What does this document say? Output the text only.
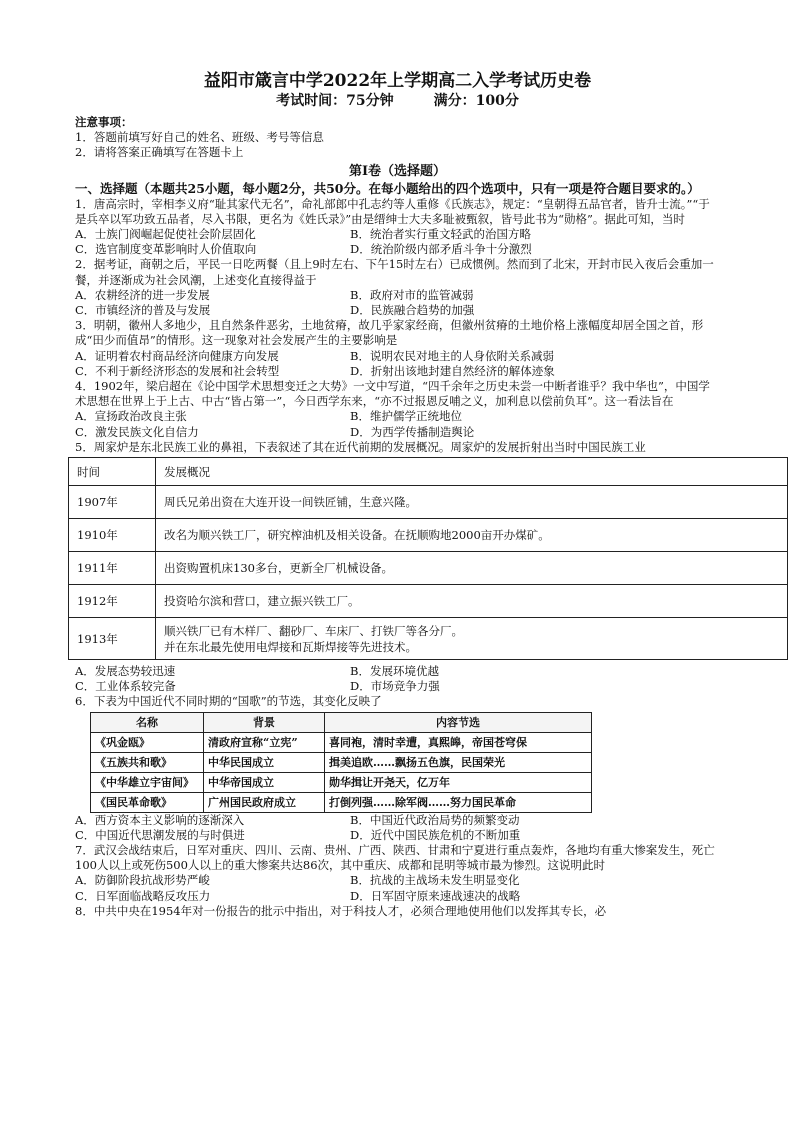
益阳市箴言中学2022年上学期高二入学考试历史卷

考试时间：75分钟	满分：100分

注意事项：

1．答题前填写好自己的姓名、班级、考号等信息

2．请将答案正确填写在答题卡上

第Ⅰ卷（选择题）

一、选择题（本题共25小题，每小题2分，共50分。在每小题给出的四个选项中，只有一项是符合题目要求的。）

1．唐高宗时，宰相李义府“耻其家代无名”，命礼部郎中孔志约等人重修《氏族志》，规定：“皇朝得五品官者，皆升士流。”“于是兵卒以军功致五品者，尽入书限，更名为《姓氏录》”由是缙绅士大夫多耻被甄叙，皆号此书为“勋格”。据此可知，当时

A．士族门阀崛起促使社会阶层固化	B．统治者实行重文轻武的治国方略
C．选官制度变革影响时人价值取向	D．统治阶级内部矛盾斗争十分激烈

2．据考证，商朝之后，平民一日吃两餐（且上9时左右、下午15时左右）已成惯例。然而到了北宋，开封市民入夜后会重加一餐，并逐渐成为社会风潮，上述变化直接得益于

A．农耕经济的进一步发展	B．政府对市的监管减弱
C．市镇经济的普及与发展	D．民族融合趋势的加强

3．明朝，徽州人多地少，且自然条件恶劣，土地贫瘠，故几乎家家经商，但徽州贫瘠的土地价格上涨幅度却居全国之首，形成“田少而值昂”的情形。这一现象对社会发展产生的主要影响是

A．证明着农村商品经济向健康方向发展	B．说明农民对地主的人身依附关系减弱
C．不利于新经济形态的发展和社会转型	D．折射出该地封建自然经济的解体迹象

4．1902年，梁启超在《论中国学术思想变迁之大势》一文中写道，“四千余年之历史未尝一中断者谁乎？我中华也”，中国学术思想在世界上于上古、中古“皆占第一”，今日西学东来，“亦不过报恩反哺之义，加利息以偿前负耳”。这一看法旨在

A．宣扬政治改良主张	B．维护儒学正统地位
C．激发民族文化自信力	D．为西学传播制造舆论

5．周家炉是东北民族工业的鼻祖，下表叙述了其在近代前期的发展概况。周家炉的发展折射出当时中国民族工业

时间	发展概况
1907年	周氏兄弟出资在大连开设一间铁匠铺，生意兴隆。
1910年	改名为顺兴铁工厂，研究榨油机及相关设备。在抚顺购地2000亩开办煤矿。
1911年	出资购置机床130多台，更新全厂机械设备。
1912年	投资哈尔滨和营口，建立振兴铁工厂。
1913年	顺兴铁厂已有木样厂、翻砂厂、车床厂、打铁厂等各分厂。
并在东北最先使用电焊接和瓦斯焊接等先进技术。
A．发展态势较迅速	B．发展环境优越
C．工业体系较完备	D．市场竞争力强

6．下表为中国近代不同时期的“国歌”的节选，其变化反映了

名称	背景	内容节选
《巩金瓯》	清政府宣称“立宪”	喜同袍，清时幸遭，真熙皞，帝国苍穹保
《五族共和歌》	中华民国成立	揖美追欧……飘扬五色旗，民国荣光
《中华雄立宇宙间》	中华帝国成立	勋华揖让开尧天，亿万年
《国民革命歌》	广州国民政府成立	打倒列强……除军阀……努力国民革命
A．西方资本主义影响的逐渐深入	B．中国近代政治局势的频繁变动
C．中国近代思潮发展的与时俱进	D．近代中国民族危机的不断加重

7．武汉会战结束后，日军对重庆、四川、云南、贵州、广西、陕西、甘肃和宁夏进行重点轰炸，各地均有重大惨案发生，死亡100人以上或死伤500人以上的重大惨案共达86次，其中重庆、成都和昆明等城市最为惨烈。这说明此时

A．防御阶段抗战形势严峻	B．抗战的主战场未发生明显变化
C．日军面临战略反攻压力	D．日军固守原来速战速决的战略

8．中共中央在1954年对一份报告的批示中指出，对于科技人才，必须合理地使用他们以发挥其专长，必
